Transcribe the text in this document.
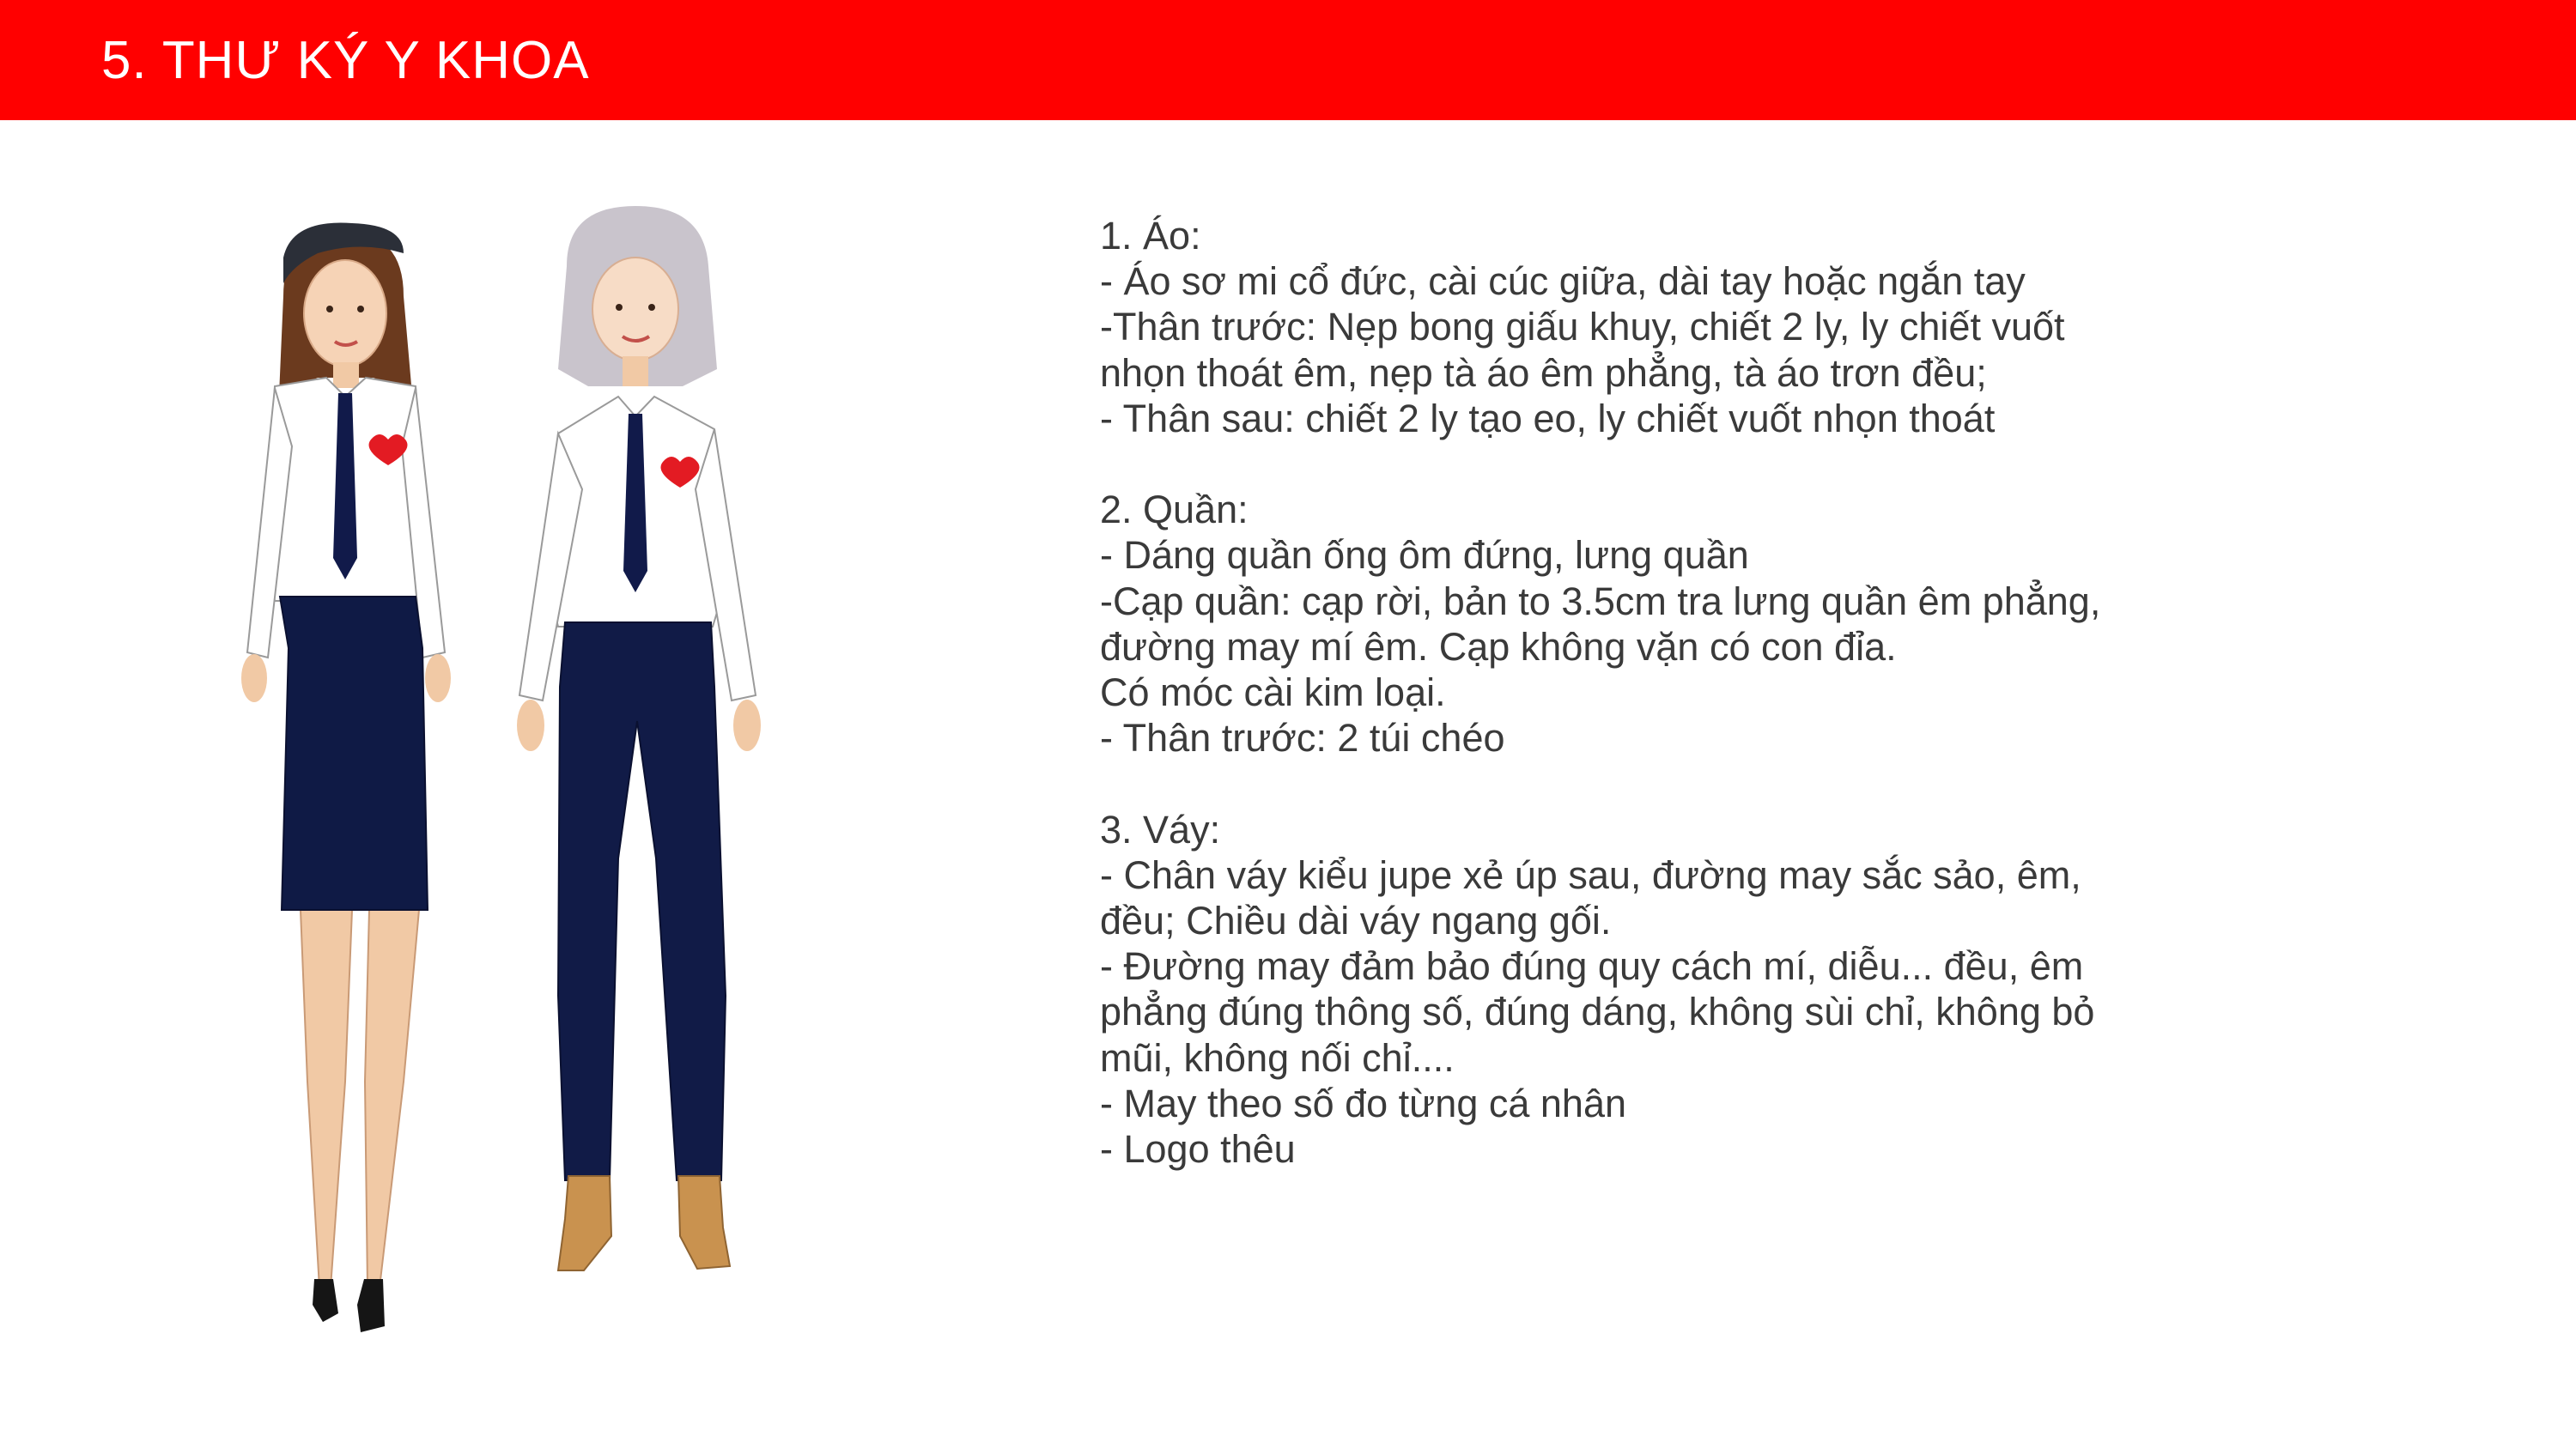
5. THƯ KÝ Y KHOA
1. Áo:
- Áo sơ mi cổ đức, cài cúc giữa, dài tay hoặc ngắn tay
-Thân trước: Nẹp bong giấu khuy, chiết 2 ly, ly chiết vuốt nhọn thoát êm, nẹp tà áo êm phẳng, tà áo trơn đều;
- Thân sau: chiết 2 ly tạo eo, ly chiết vuốt nhọn thoát
2. Quần:
- Dáng quần ống ôm đứng, lưng quần
-Cạp quần: cạp rời, bản to 3.5cm tra lưng quần êm phẳng, đường may mí êm. Cạp không vặn có con đỉa.
Có móc cài kim loại.
- Thân trước: 2 túi chéo
3. Váy:
- Chân váy kiểu jupe xẻ úp sau, đường may sắc sảo, êm, đều; Chiều dài váy ngang gối.
- Đường may đảm bảo đúng quy cách mí, diễu... đều, êm phẳng đúng thông số, đúng dáng, không sùi chỉ, không bỏ mũi, không nối chỉ....
- May theo số đo từng cá nhân
- Logo thêu
